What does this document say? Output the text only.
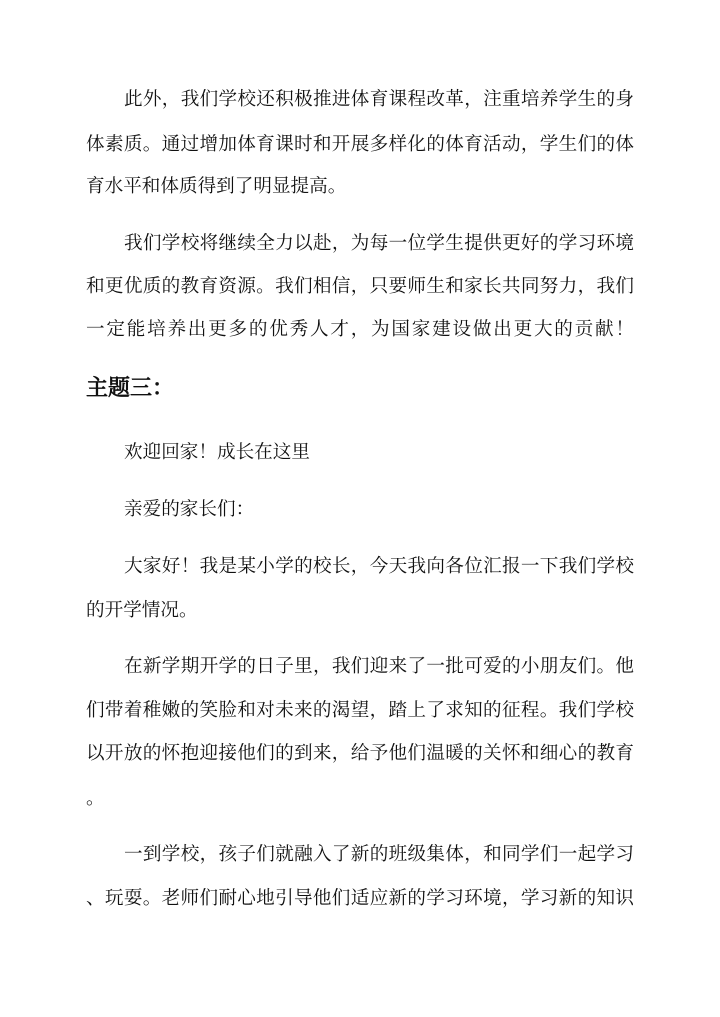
此外，我们学校还积极推进体育课程改革，注重培养学生的身
体素质。通过增加体育课时和开展多样化的体育活动，学生们的体
育水平和体质得到了明显提高。
我们学校将继续全力以赴，为每一位学生提供更好的学习环境
和更优质的教育资源。我们相信，只要师生和家长共同努力，我们
一定能培养出更多的优秀人才，为国家建设做出更大的贡献！
主题三：
欢迎回家！成长在这里
亲爱的家长们：
大家好！我是某小学的校长，今天我向各位汇报一下我们学校
的开学情况。
在新学期开学的日子里，我们迎来了一批可爱的小朋友们。他
们带着稚嫩的笑脸和对未来的渴望，踏上了求知的征程。我们学校
以开放的怀抱迎接他们的到来，给予他们温暖的关怀和细心的教育
。
一到学校，孩子们就融入了新的班级集体，和同学们一起学习
、玩耍。老师们耐心地引导他们适应新的学习环境，学习新的知识
